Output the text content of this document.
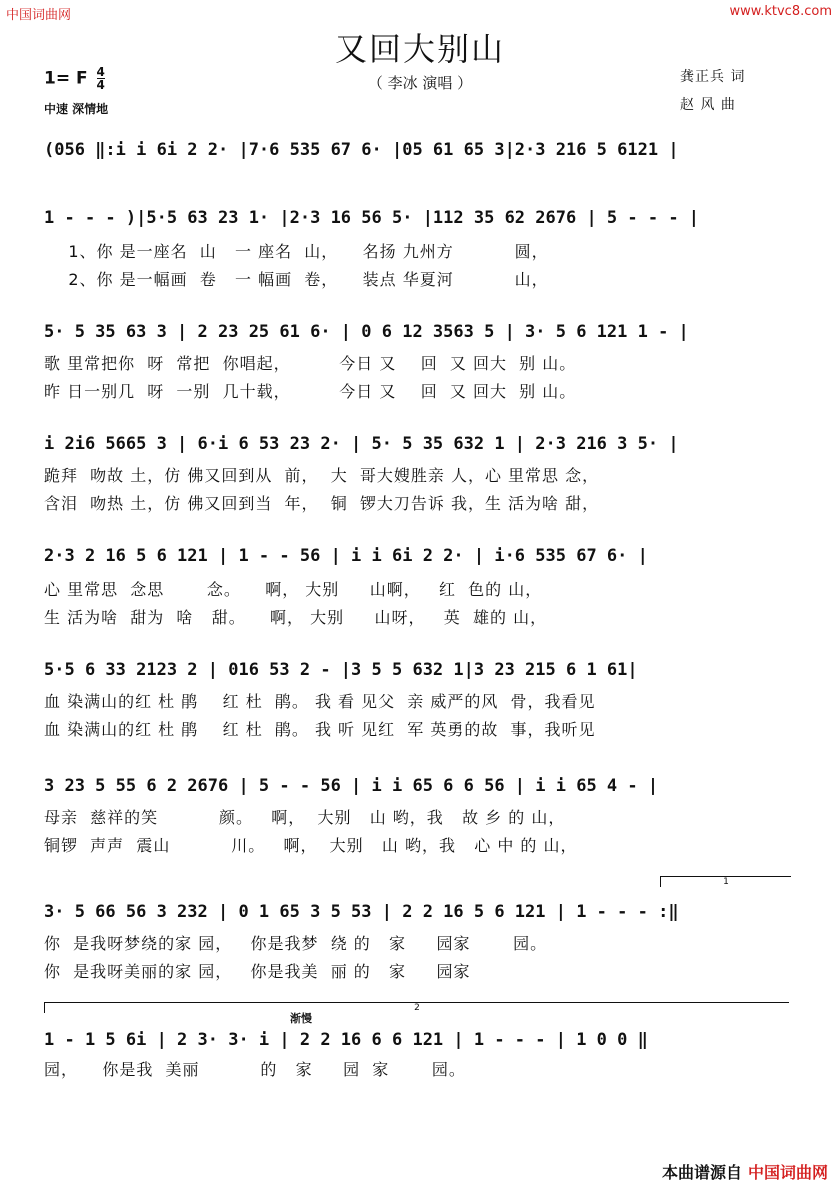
中国词曲网	www.ktvc8.com
又回大别山
（ 李冰 演唱 ）
1= F $\frac{4}{4}$
中速 深情地
龚正兵 词
赵 风 曲
(056 ‖:i i 6i 2 2· |7·6 535 67 6· |05 61 65 3|2·3 216 5 6121 |
1 - - - )|5·5 63 23 1· |2·3 16 56 5· |112 35 62 2676 | 5 - - - |
1、你 是一座名  山   一 座名  山，    名扬 九州方          圆，
2、你 是一幅画  卷   一 幅画  卷，    装点 华夏河          山，
5· 5 35 63 3 | 2 23 25 61 6· | 0 6 12 3563 5 | 3· 5 6 121 1 - |
歌 里常把你  呀  常把  你唱起，        今日 又    回  又 回大  别 山。
昨 日一别几  呀  一别  几十载，        今日 又    回  又 回大  别 山。
i 2i6 5665 3 | 6·i 6 53 23 2· | 5· 5 35 632 1 | 2·3 216 3 5· |
跪拜  吻故 土，仿 佛又回到从  前，  大  哥大嫂胜亲 人，心 里常思 念，
含泪  吻热 土，仿 佛又回到当  年，  铜  锣大刀告诉 我，生 活为啥 甜，
2·3 2 16 5 6 121 | 1 - - 56 | i i 6i 2 2· | i·6 535 67 6· |
心 里常思  念思       念。    啊， 大别     山啊，   红  色的 山，
生 活为啥  甜为  啥   甜。    啊， 大别     山呀，   英  雄的 山，
5·5 6 33 2123 2 | 016 53 2 - |3 5 5 632 1|3 23 215 6 1 61|
血 染满山的红 杜 鹃    红 杜  鹃。 我 看 见父  亲 威严的风  骨，我看见
血 染满山的红 杜 鹃    红 杜  鹃。 我 听 见红  军 英勇的故  事，我听见
3 23 5 55 6 2 2676 | 5 - - 56 | i i 65 6 6 56 | i i 65 4 - |
母亲  慈祥的笑          颜。   啊，  大别   山 哟，我   故 乡 的 山，
铜锣  声声  震山          川。   啊，  大别   山 哟，我   心 中 的 山，
1
3· 5 66 56 3 232 | 0 1 65 3 5 53 | 2 2 16 5 6 121 | 1 - - - :‖
你  是我呀梦绕的家 园，   你是我梦  绕 的   家     园家       园。
你  是我呀美丽的家 园，   你是我美  丽 的   家     园家
2
渐慢
1 - 1 5 6i | 2 3· 3· i | 2 2 16 6 6 121 | 1 - - - | 1 0 0 ‖
园，    你是我  美丽          的   家     园  家       园。
本曲谱源自 中国词曲网
